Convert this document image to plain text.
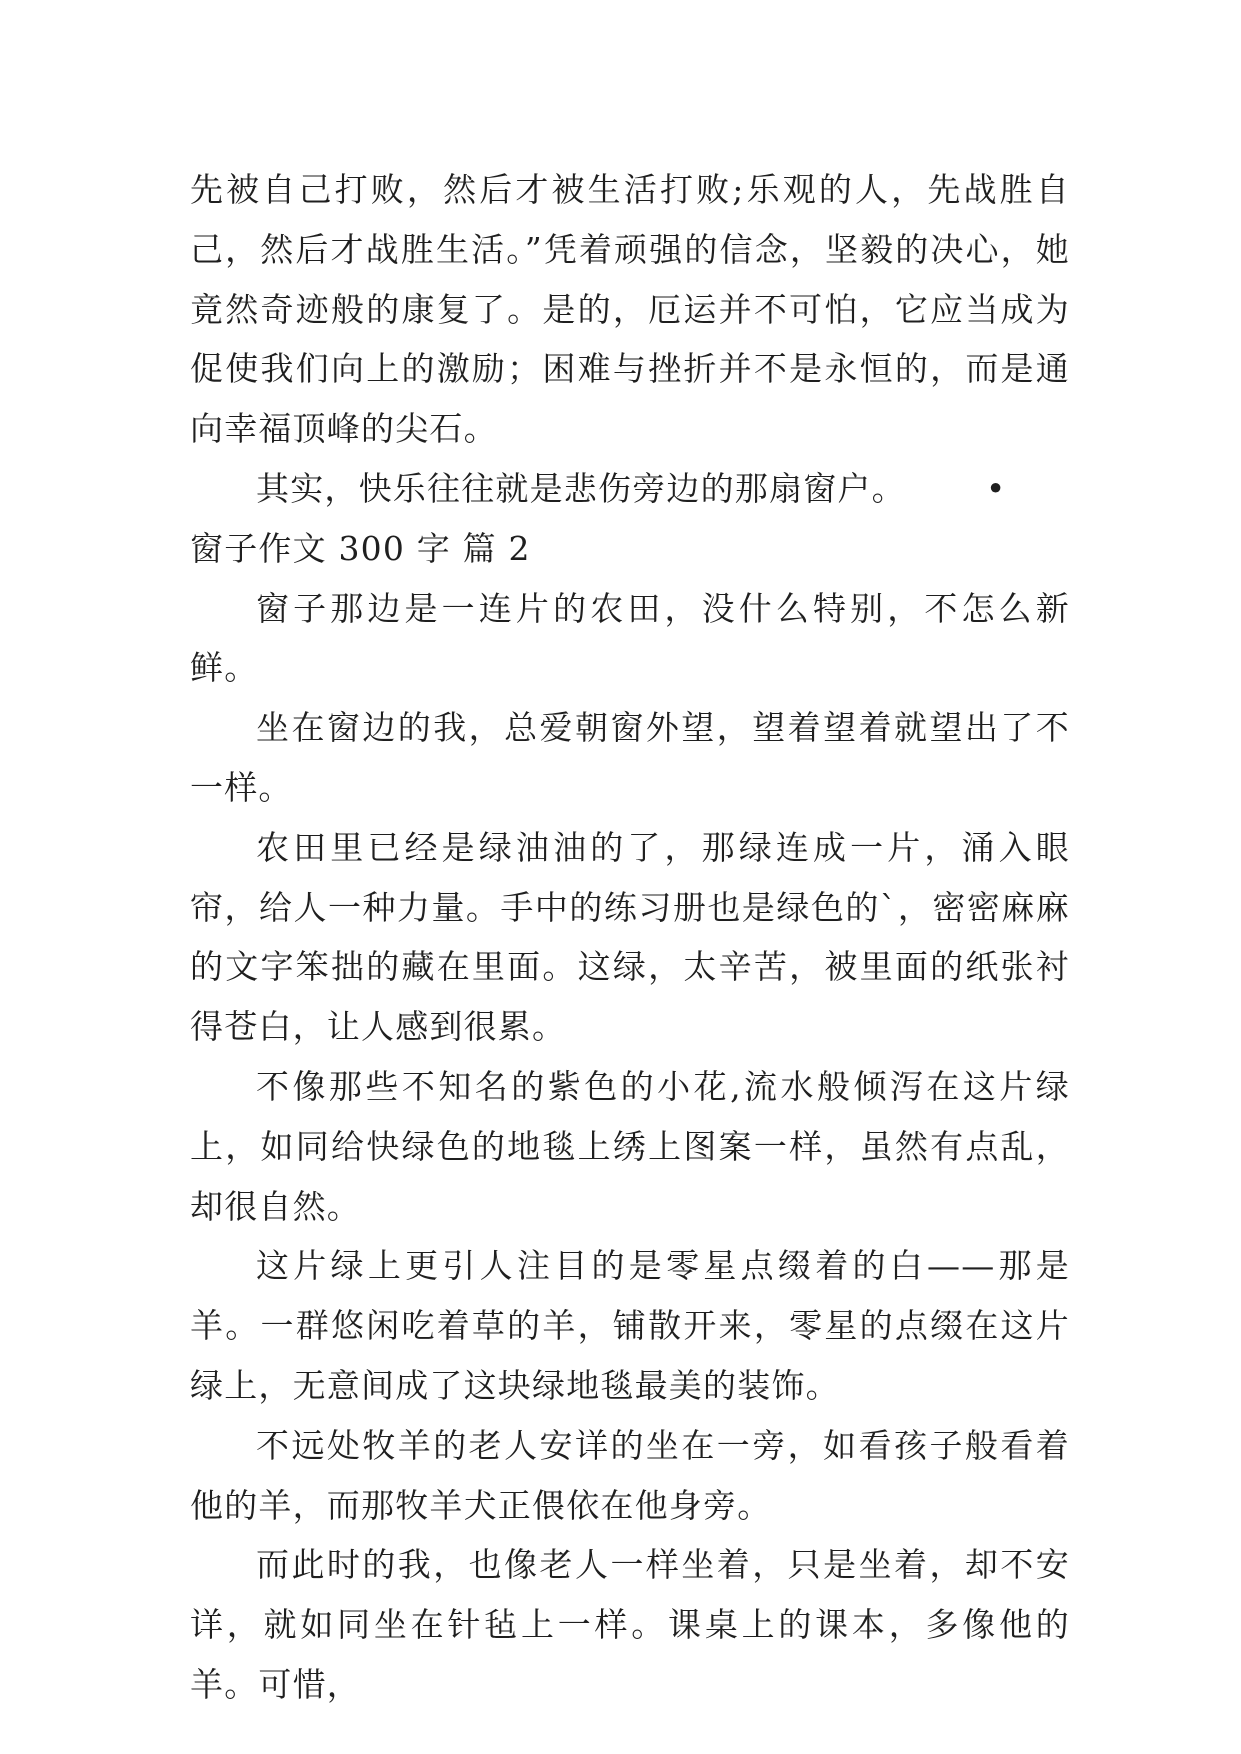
先被自己打败，然后才被生活打败;乐观的人，先战胜自己，然后才战胜生活。”凭着顽强的信念，坚毅的决心，她竟然奇迹般的康复了。是的，厄运并不可怕，它应当成为促使我们向上的激励；困难与挫折并不是永恒的，而是通向幸福顶峰的尖石。

其实，快乐往往就是悲伤旁边的那扇窗户。 •

窗子作文 300 字 篇 2

窗子那边是一连片的农田，没什么特别，不怎么新鲜。

坐在窗边的我，总爱朝窗外望，望着望着就望出了不一样。

农田里已经是绿油油的了，那绿连成一片，涌入眼帘，给人一种力量。手中的练习册也是绿色的`，密密麻麻的文字笨拙的藏在里面。这绿，太辛苦，被里面的纸张衬得苍白，让人感到很累。

不像那些不知名的紫色的小花,流水般倾泻在这片绿上，如同给快绿色的地毯上绣上图案一样，虽然有点乱，却很自然。

这片绿上更引人注目的是零星点缀着的白——那是羊。一群悠闲吃着草的羊，铺散开来，零星的点缀在这片绿上，无意间成了这块绿地毯最美的装饰。

不远处牧羊的老人安详的坐在一旁，如看孩子般看着他的羊，而那牧羊犬正偎依在他身旁。

而此时的我，也像老人一样坐着，只是坐着，却不安详，就如同坐在针毡上一样。课桌上的课本，多像他的羊。可惜，
